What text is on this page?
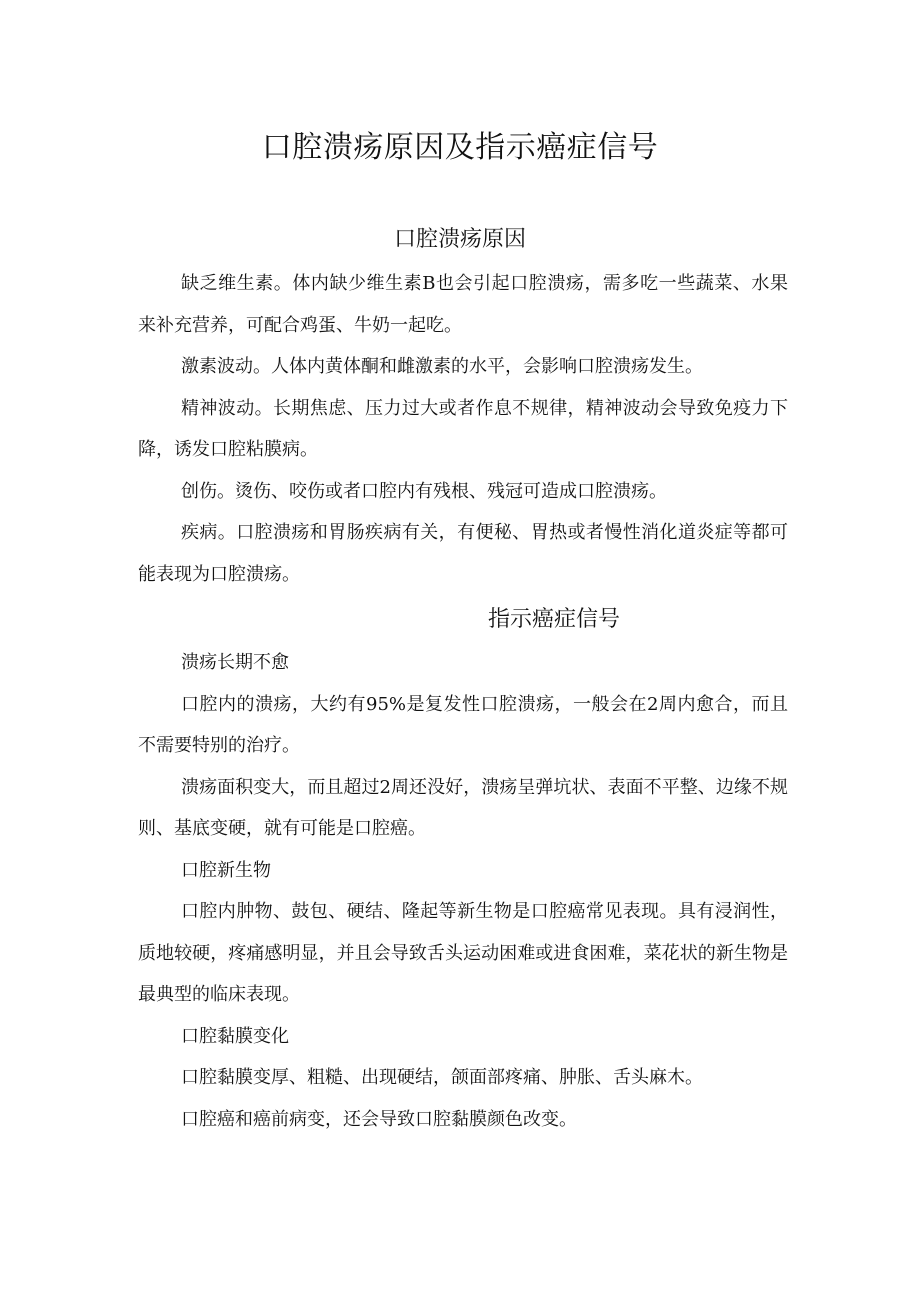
口腔溃疡原因及指示癌症信号
口腔溃疡原因

缺乏维生素。体内缺少维生素B也会引起口腔溃疡，需多吃一些蔬菜、水果来补充营养，可配合鸡蛋、牛奶一起吃。

激素波动。人体内黄体酮和雌激素的水平，会影响口腔溃疡发生。

精神波动。长期焦虑、压力过大或者作息不规律，精神波动会导致免疫力下降，诱发口腔粘膜病。

创伤。烫伤、咬伤或者口腔内有残根、残冠可造成口腔溃疡。

疾病。口腔溃疡和胃肠疾病有关，有便秘、胃热或者慢性消化道炎症等都可能表现为口腔溃疡。

指示癌症信号

溃疡长期不愈

口腔内的溃疡，大约有95%是复发性口腔溃疡，一般会在2周内愈合，而且不需要特别的治疗。

溃疡面积变大，而且超过2周还没好，溃疡呈弹坑状、表面不平整、边缘不规则、基底变硬，就有可能是口腔癌。

口腔新生物

口腔内肿物、鼓包、硬结、隆起等新生物是口腔癌常见表现。具有浸润性，质地较硬，疼痛感明显，并且会导致舌头运动困难或进食困难，菜花状的新生物是最典型的临床表现。

口腔黏膜变化

口腔黏膜变厚、粗糙、出现硬结，颌面部疼痛、肿胀、舌头麻木。

口腔癌和癌前病变，还会导致口腔黏膜颜色改变。
